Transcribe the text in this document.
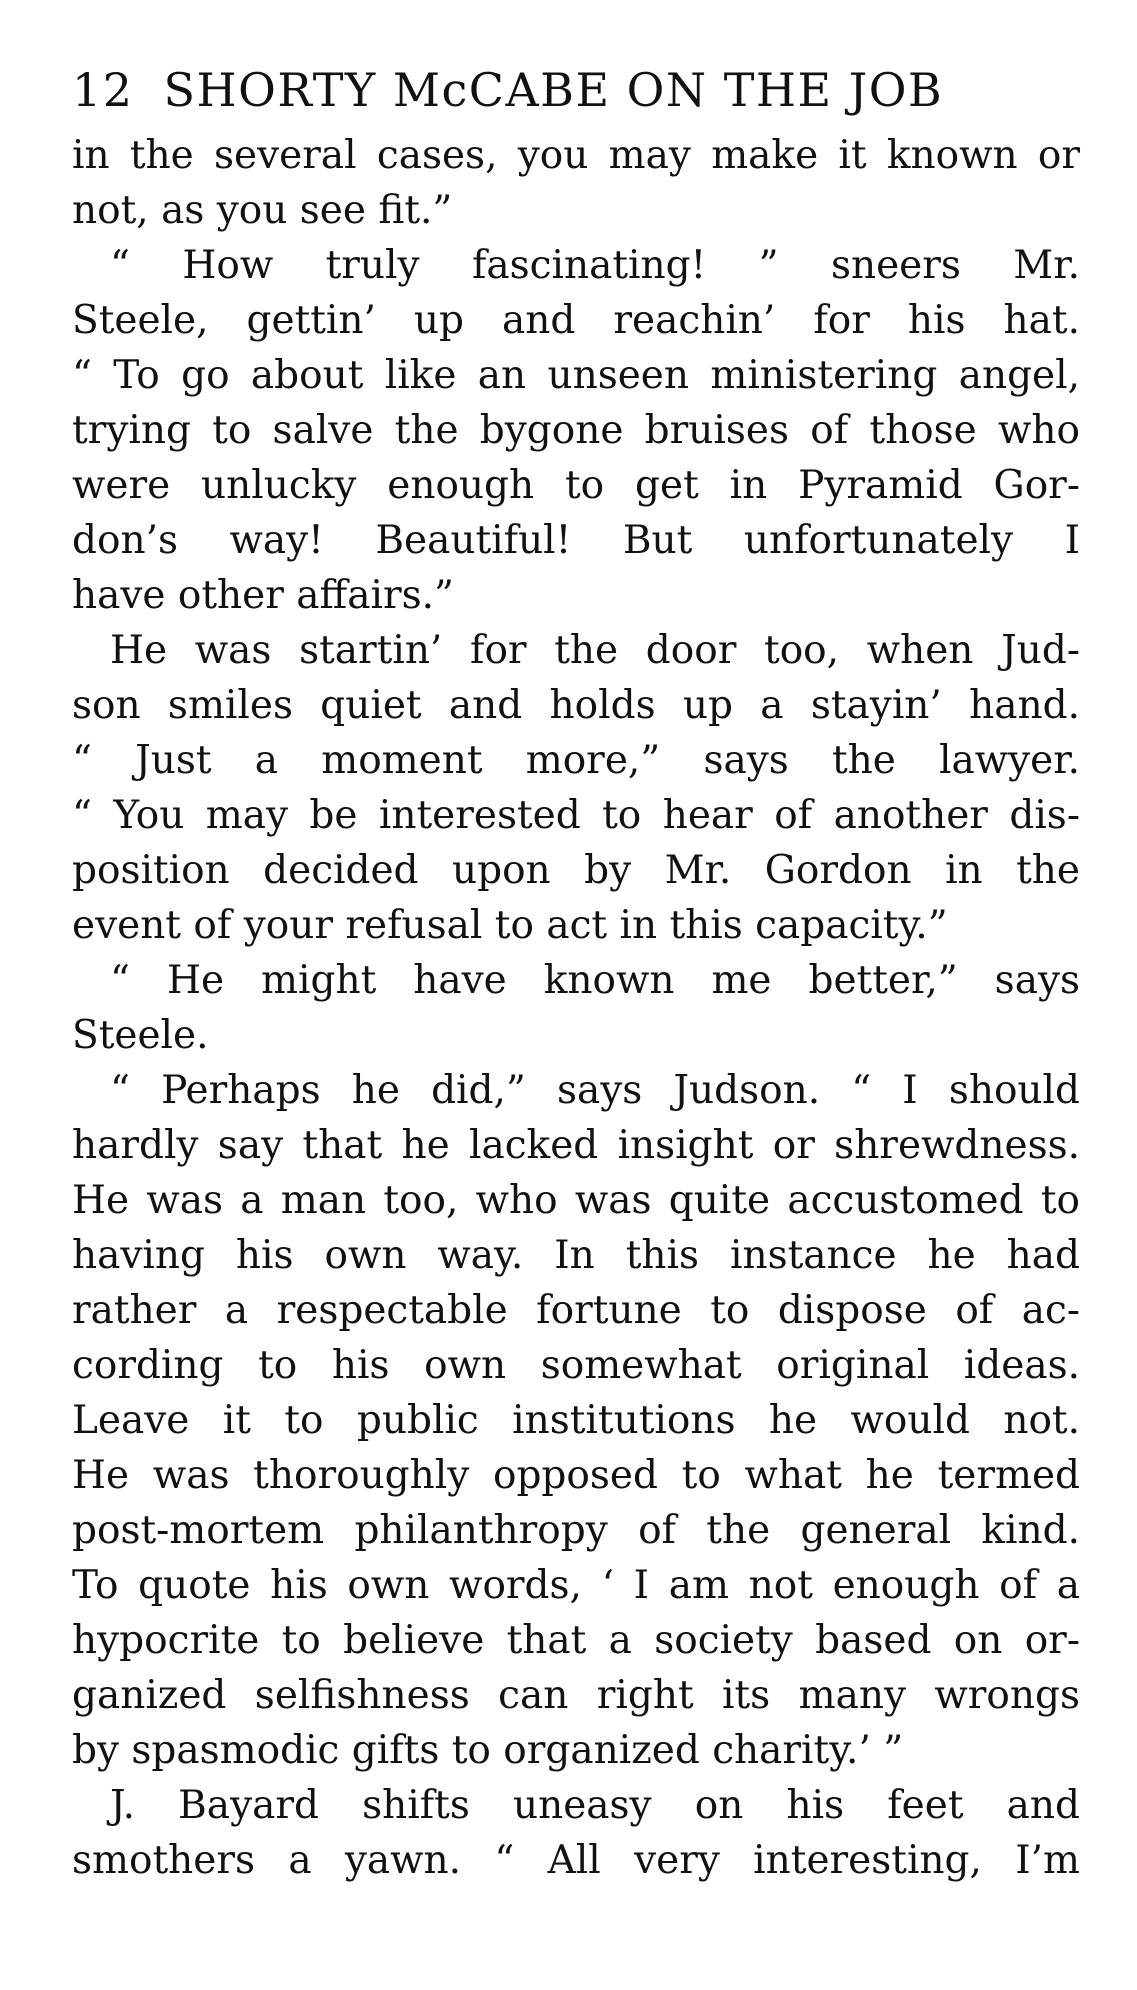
12 SHORTY McCABE ON THE JOB
in the several cases, you may make it known or
not, as you see fit.”
“ How truly fascinating! ” sneers Mr.
Steele, gettin’ up and reachin’ for his hat.
“ To go about like an unseen ministering angel,
trying to salve the bygone bruises of those who
were unlucky enough to get in Pyramid Gor-
don’s way! Beautiful! But unfortunately I
have other affairs.”
He was startin’ for the door too, when Jud-
son smiles quiet and holds up a stayin’ hand.
“ Just a moment more,” says the lawyer.
“ You may be interested to hear of another dis-
position decided upon by Mr. Gordon in the
event of your refusal to act in this capacity.”
“ He might have known me better,” says
Steele.
“ Perhaps he did,” says Judson. “ I should
hardly say that he lacked insight or shrewdness.
He was a man too, who was quite accustomed to
having his own way. In this instance he had
rather a respectable fortune to dispose of ac-
cording to his own somewhat original ideas.
Leave it to public institutions he would not.
He was thoroughly opposed to what he termed
post-mortem philanthropy of the general kind.
To quote his own words, ‘ I am not enough of a
hypocrite to believe that a society based on or-
ganized selfishness can right its many wrongs
by spasmodic gifts to organized charity.’ ”
J. Bayard shifts uneasy on his feet and
smothers a yawn. “ All very interesting, I’m
